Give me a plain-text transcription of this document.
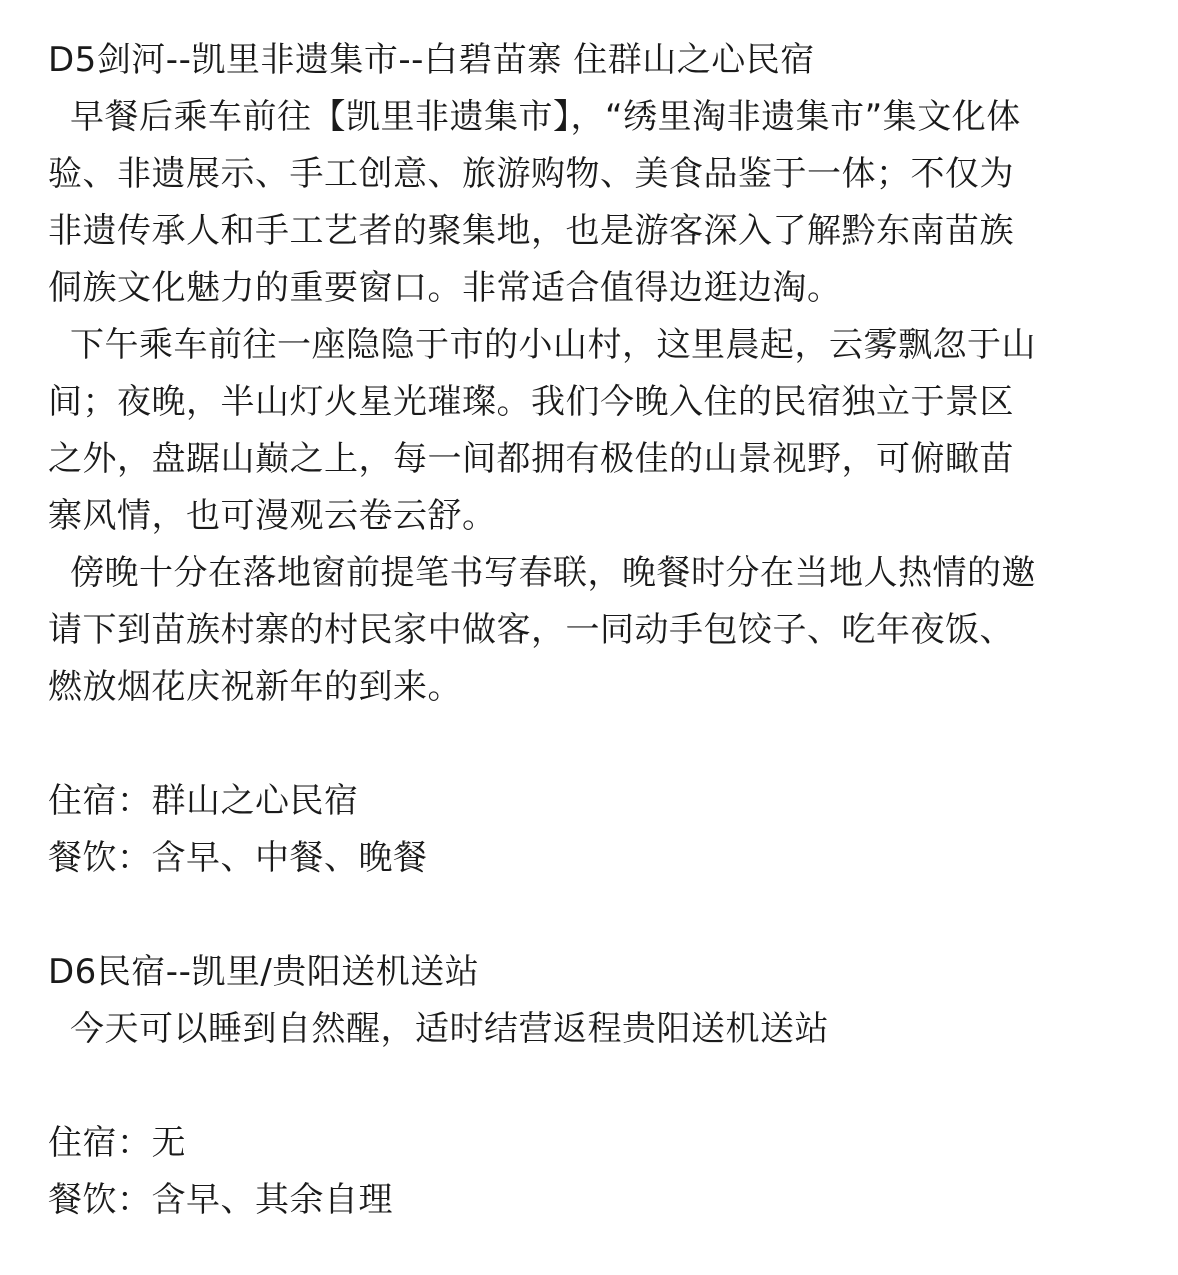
D5剑河--凯里非遗集市--白碧苗寨 住群山之心民宿
早餐后乘车前往【凯里非遗集市】，“绣里淘非遗集市”集文化体
验、非遗展示、手工创意、旅游购物、美食品鉴于一体；不仅为
非遗传承人和手工艺者的聚集地，也是游客深入了解黔东南苗族
侗族文化魅力的重要窗口。非常适合值得边逛边淘。
下午乘车前往一座隐隐于市的小山村，这里晨起，云雾飘忽于山
间；夜晚，半山灯火星光璀璨。我们今晚入住的民宿独立于景区
之外，盘踞山巅之上，每一间都拥有极佳的山景视野，可俯瞰苗
寨风情，也可漫观云卷云舒。
傍晚十分在落地窗前提笔书写春联，晚餐时分在当地人热情的邀
请下到苗族村寨的村民家中做客，一同动手包饺子、吃年夜饭、
燃放烟花庆祝新年的到来。
住宿：群山之心民宿
餐饮：含早、中餐、晚餐
D6民宿--凯里/贵阳送机送站
今天可以睡到自然醒，适时结营返程贵阳送机送站
住宿：无
餐饮：含早、其余自理
